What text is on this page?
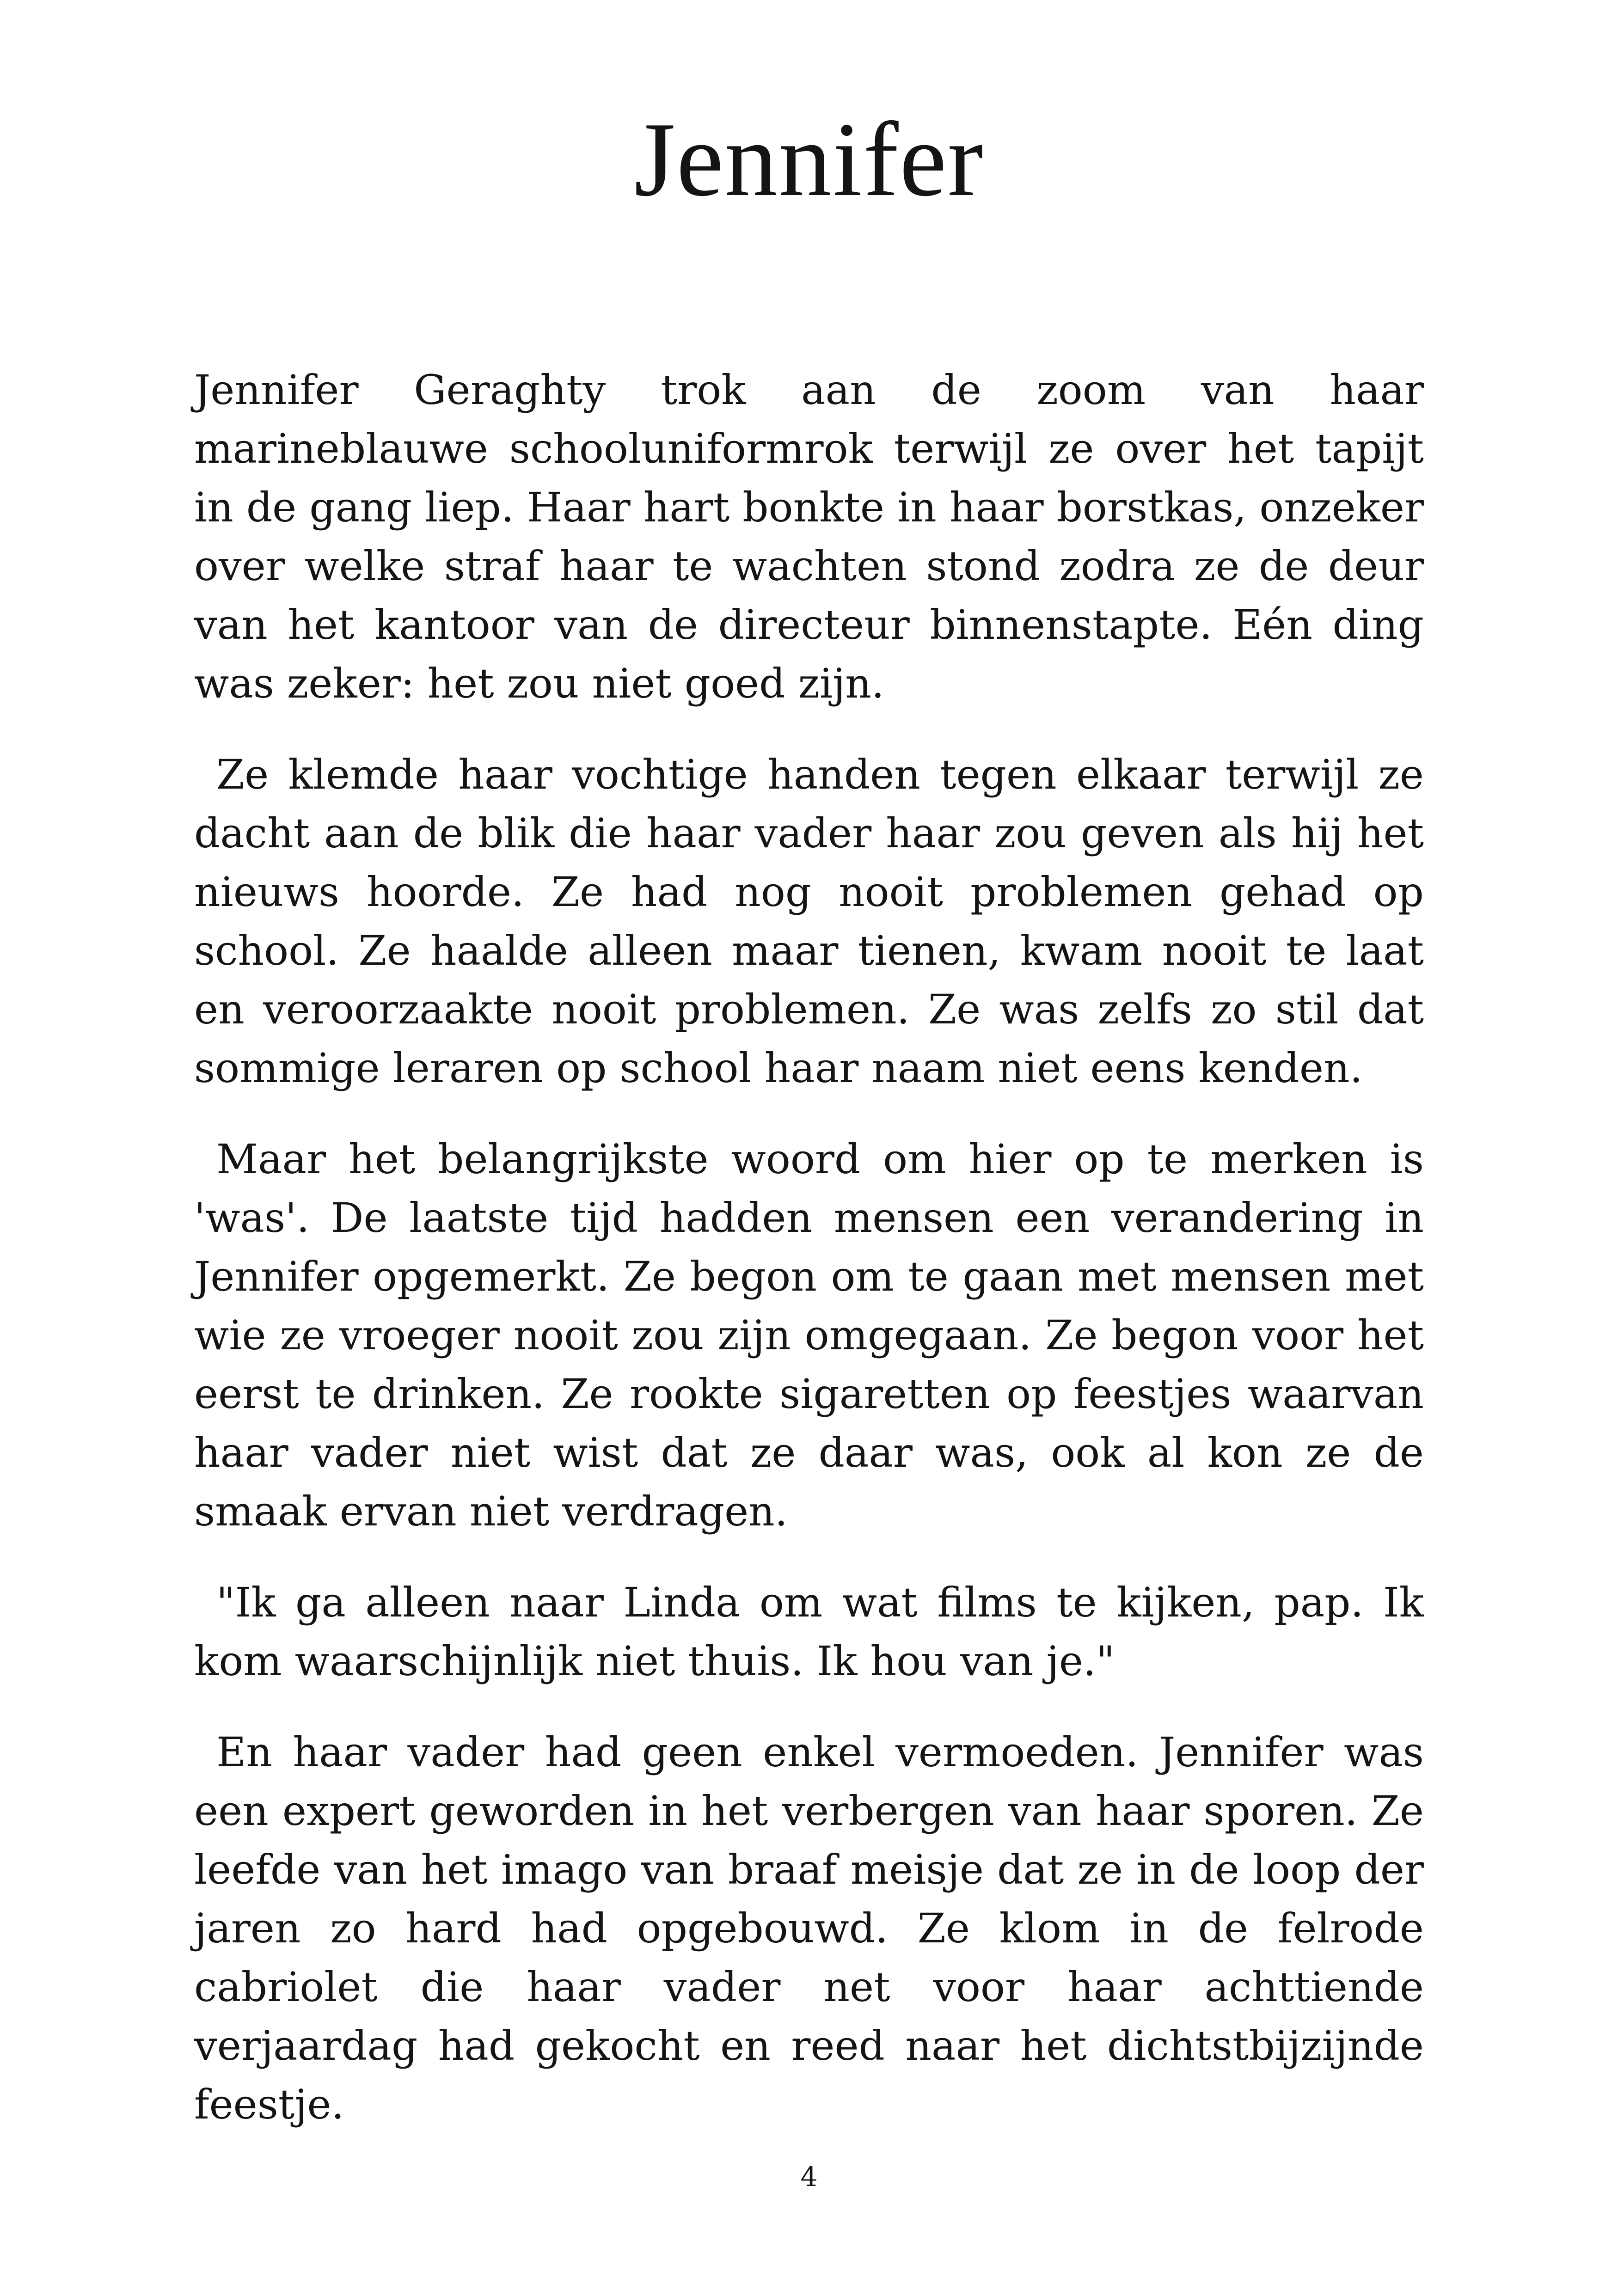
Jennifer

Jennifer Geraghty trok aan de zoom van haar marineblauwe schooluniformrok terwijl ze over het tapijt in de gang liep. Haar hart bonkte in haar borstkas, onzeker over welke straf haar te wachten stond zodra ze de deur van het kantoor van de directeur binnenstapte. Eén ding was zeker: het zou niet goed zijn.

Ze klemde haar vochtige handen tegen elkaar terwijl ze dacht aan de blik die haar vader haar zou geven als hij het nieuws hoorde. Ze had nog nooit problemen gehad op school. Ze haalde alleen maar tienen, kwam nooit te laat en veroorzaakte nooit problemen. Ze was zelfs zo stil dat sommige leraren op school haar naam niet eens kenden.

Maar het belangrijkste woord om hier op te merken is 'was'. De laatste tijd hadden mensen een verandering in Jennifer opgemerkt. Ze begon om te gaan met mensen met wie ze vroeger nooit zou zijn omgegaan. Ze begon voor het eerst te drinken. Ze rookte sigaretten op feestjes waarvan haar vader niet wist dat ze daar was, ook al kon ze de smaak ervan niet verdragen.

"Ik ga alleen naar Linda om wat films te kijken, pap. Ik kom waarschijnlijk niet thuis. Ik hou van je."

En haar vader had geen enkel vermoeden. Jennifer was een expert geworden in het verbergen van haar sporen. Ze leefde van het imago van braaf meisje dat ze in de loop der jaren zo hard had opgebouwd. Ze klom in de felrode cabriolet die haar vader net voor haar achttiende verjaardag had gekocht en reed naar het dichtstbijzijnde feestje.

4
